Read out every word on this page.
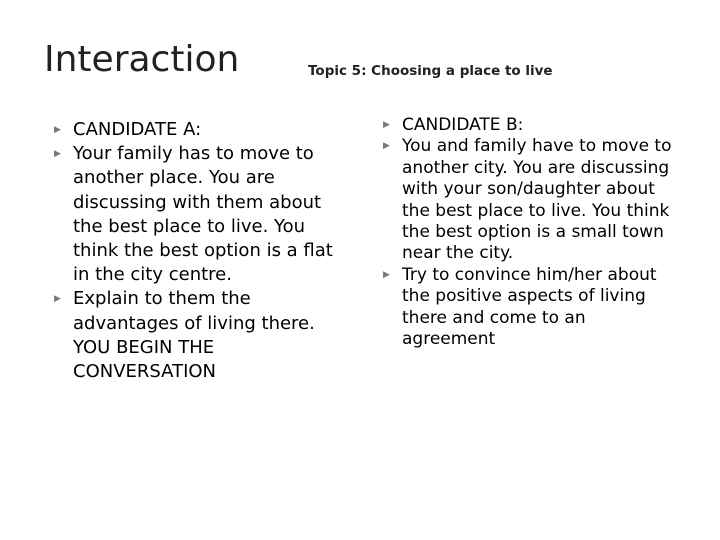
Interaction	Topic 5: Choosing a place to live
▶ CANDIDATE A:
▶ Your family has to move to another place. You are discussing with them about the best place to live. You think the best option is a flat in the city centre.
▶ Explain to them the advantages of living there. YOU BEGIN THE CONVERSATION
▶ CANDIDATE B:
▶ You and family have to move to another city. You are discussing with your son/daughter about the best place to live. You think the best option is a small town near the city.
▶ Try to convince him/her about the positive aspects of living there and come to an agreement
